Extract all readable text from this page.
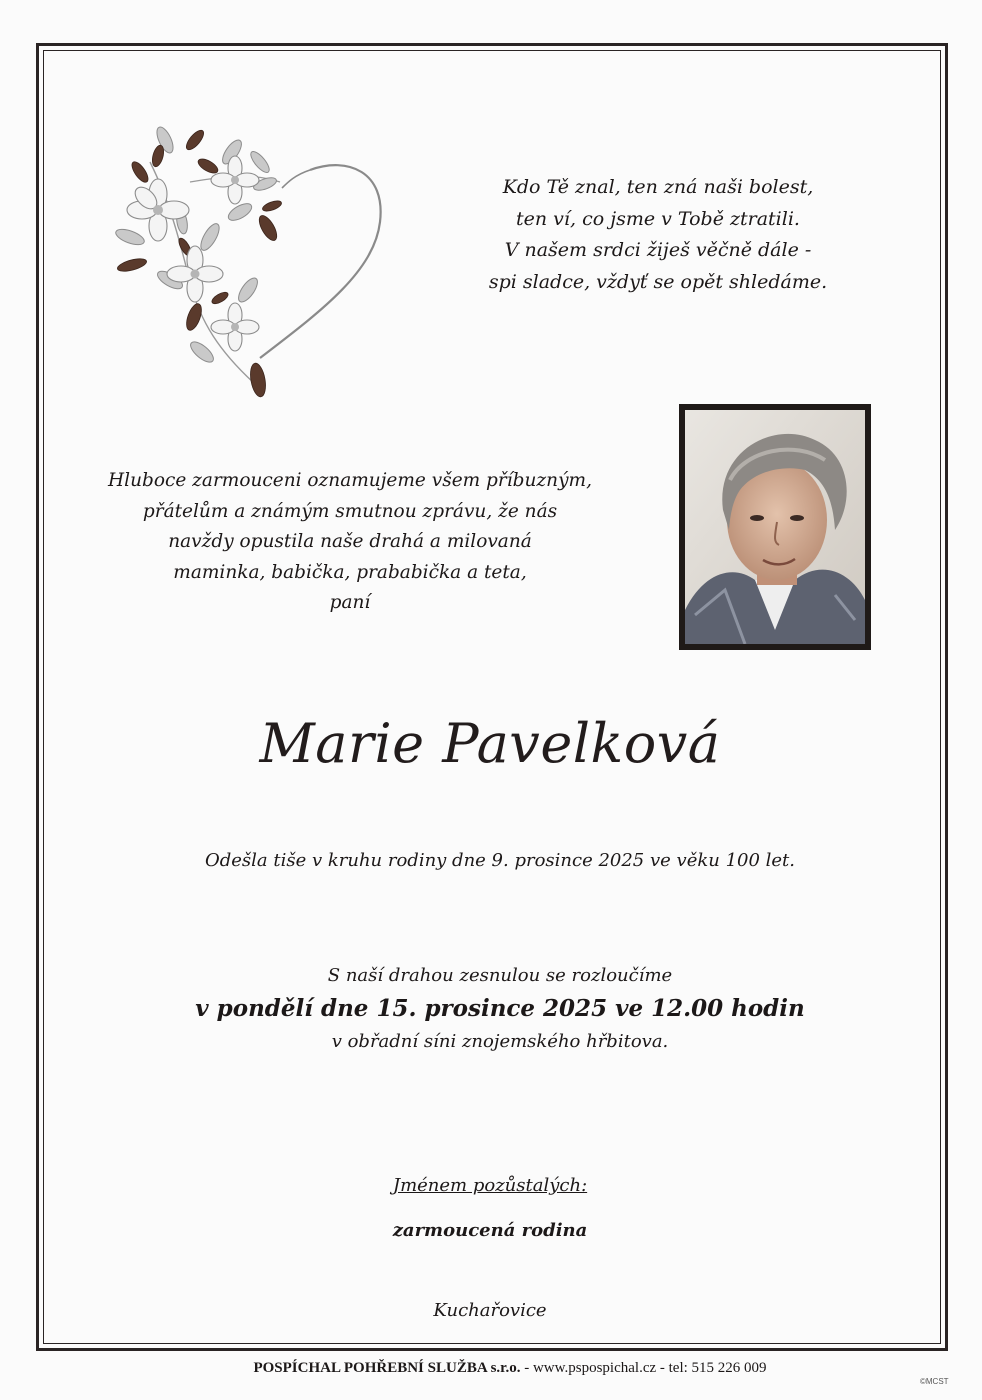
Kdo Tě znal, ten zná naši bolest,
ten ví, co jsme v Tobě ztratili.
V našem srdci žiješ věčně dále -
spi sladce, vždyť se opět shledáme.
Hluboce zarmouceni oznamujeme všem příbuzným,
přátelům a známým smutnou zprávu, že nás
navždy opustila naše drahá a milovaná
maminka, babička, prababička a teta,
paní
Marie Pavelková
Odešla tiše v kruhu rodiny dne 9. prosince 2025 ve věku 100 let.
S naší drahou zesnulou se rozloučíme
v pondělí dne 15. prosince 2025 ve 12.00 hodin
v obřadní síni znojemského hřbitova.
Jménem pozůstalých:
zarmoucená rodina
Kuchařovice
POSPÍCHAL POHŘEBNÍ SLUŽBA s.r.o. - www.pspospichal.cz - tel: 515 226 009
©MCST
